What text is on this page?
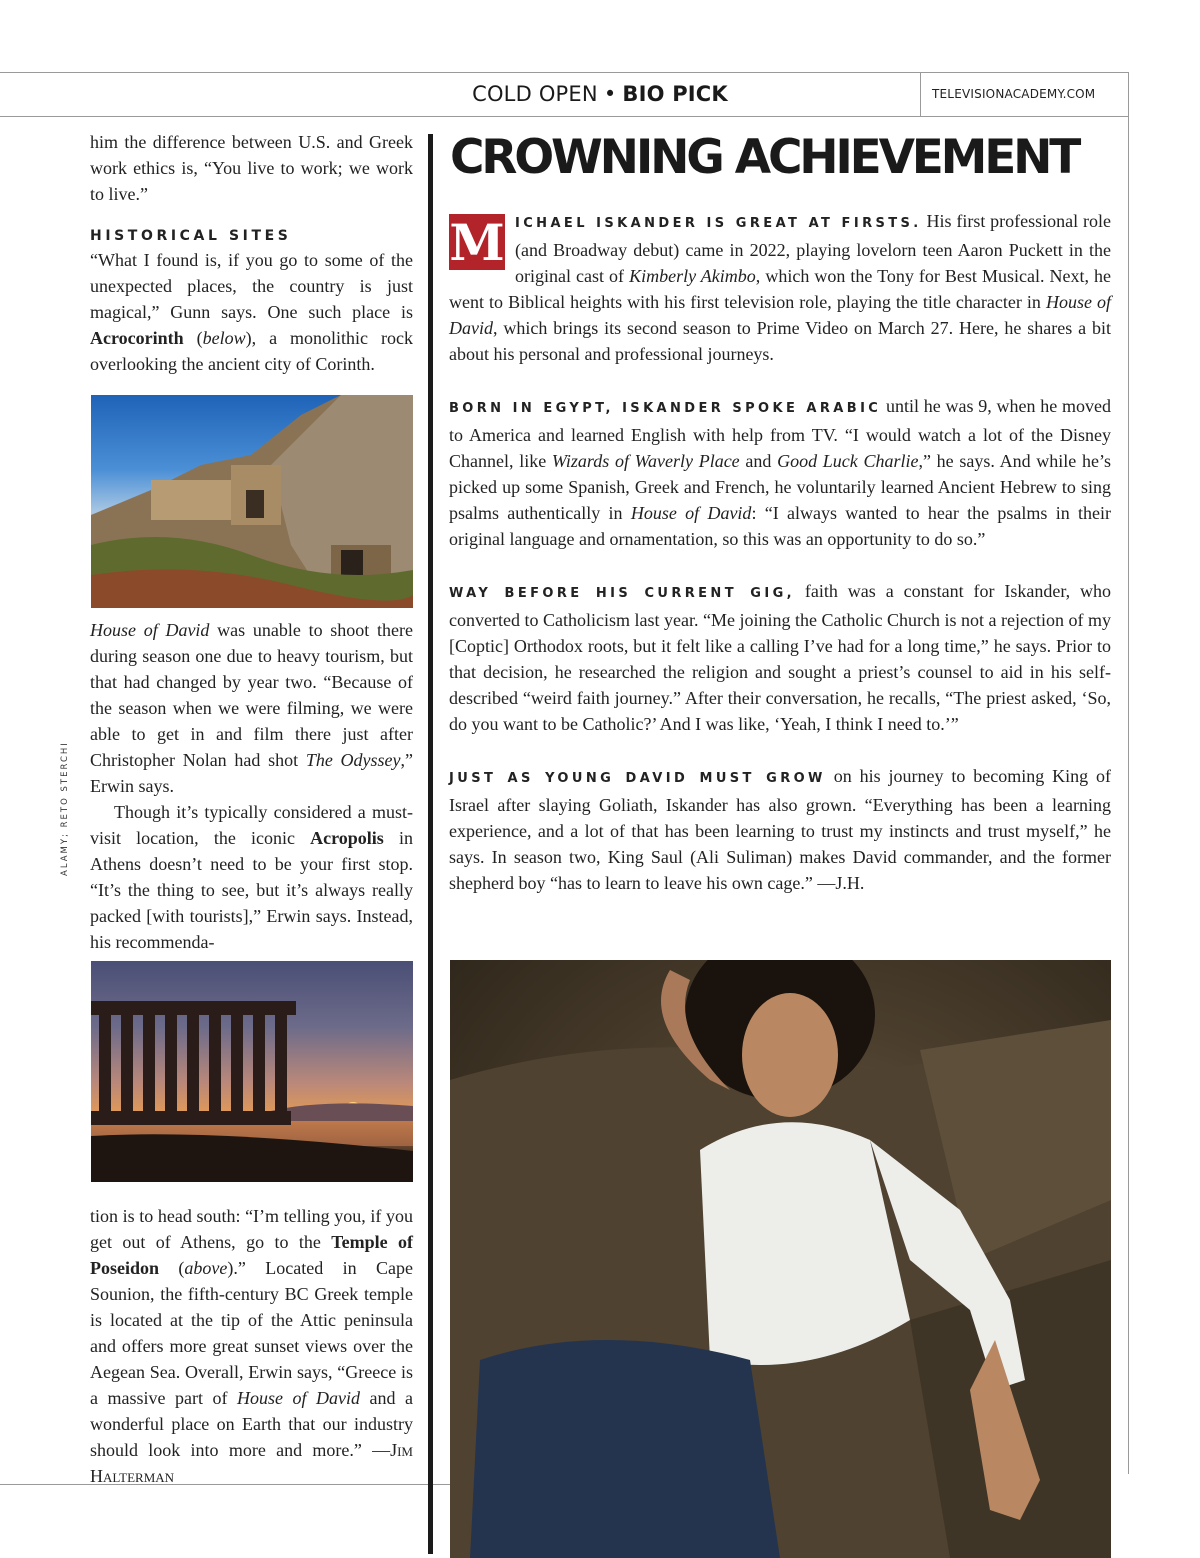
COLD OPEN • BIO PICK	TELEVISIONACADEMY.COM
ALAMY; RETO STERCHI

him the difference between U.S. and Greek work ethics is, “You live to work; we work to live.”

HISTORICAL SITES

“What I found is, if you go to some of the unexpected places, the country is just magical,” Gunn says. One such place is Acrocorinth (below), a monolithic rock overlooking the ancient city of Corinth.

House of David was unable to shoot there during season one due to heavy tourism, but that had changed by year two. “Because of the season when we were filming, we were able to get in and film there just after Christopher Nolan had shot The Odyssey,” Erwin says.

Though it’s typically considered a must-visit location, the iconic Acropolis in Athens doesn’t need to be your first stop. “It’s the thing to see, but it’s always really packed [with tourists],” Erwin says. Instead, his recommenda-

tion is to head south: “I’m telling you, if you get out of Athens, go to the Temple of Poseidon (above).” Located in Cape Sounion, the fifth-century BC Greek temple is located at the tip of the Attic peninsula and offers more great sunset views over the Aegean Sea. Overall, Erwin says, “Greece is a massive part of House of David and a wonderful place on Earth that our industry should look into more and more.” —Jim Halterman

CROWNING ACHIEVEMENT

M ICHAEL ISKANDER IS GREAT AT FIRSTS. His first professional role (and Broadway debut) came in 2022, playing lovelorn teen Aaron Puckett in the original cast of Kimberly Akimbo, which won the Tony for Best Musical. Next, he went to Biblical heights with his first television role, playing the title character in House of David, which brings its second season to Prime Video on March 27. Here, he shares a bit about his personal and professional journeys.

BORN IN EGYPT, ISKANDER SPOKE ARABIC until he was 9, when he moved to America and learned English with help from TV. “I would watch a lot of the Disney Channel, like Wizards of Waverly Place and Good Luck Charlie,” he says. And while he’s picked up some Spanish, Greek and French, he voluntarily learned Ancient Hebrew to sing psalms authentically in House of David: “I always wanted to hear the psalms in their original language and ornamentation, so this was an opportunity to do so.”

WAY BEFORE HIS CURRENT GIG, faith was a constant for Iskander, who converted to Catholicism last year. “Me joining the Catholic Church is not a rejection of my [Coptic] Orthodox roots, but it felt like a calling I’ve had for a long time,” he says. Prior to that decision, he researched the religion and sought a priest’s counsel to aid in his self-described “weird faith journey.” After their conversation, he recalls, “The priest asked, ‘So, do you want to be Catholic?’ And I was like, ‘Yeah, I think I need to.’”

JUST AS YOUNG DAVID MUST GROW on his journey to becoming King of Israel after slaying Goliath, Iskander has also grown. “Everything has been a learning experience, and a lot of that has been learning to trust my instincts and trust myself,” he says. In season two, King Saul (Ali Suliman) makes David commander, and the former shepherd boy “has to learn to leave his own cage.” —J.H.
